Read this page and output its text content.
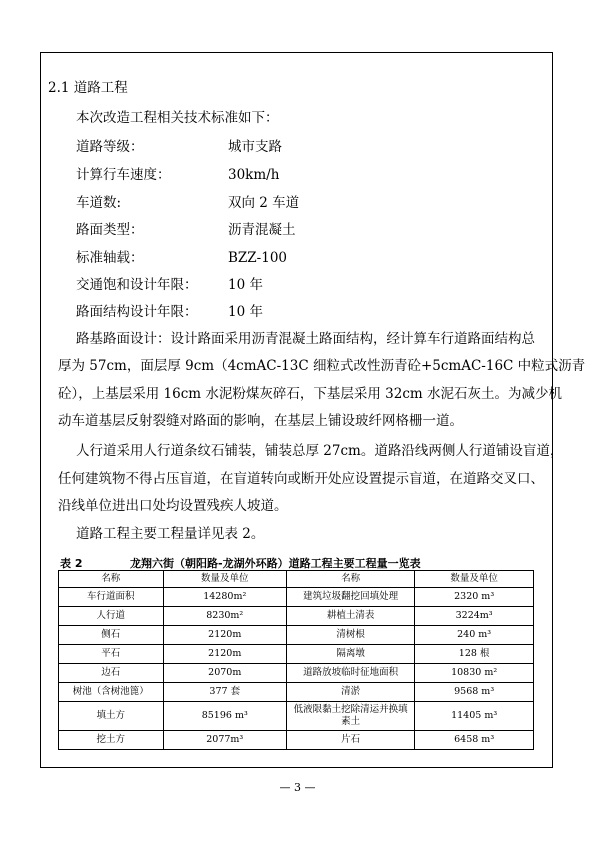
2.1 道路工程
本次改造工程相关技术标准如下：
道路等级：	城市支路
计算行车速度：	30km/h
车道数:	双向 2 车道
路面类型：	沥青混凝土
标准轴载：	BZZ-100
交通饱和设计年限： 10 年
路面结构设计年限： 10 年
路基路面设计：设计路面采用沥青混凝土路面结构，经计算车行道路面结构总
厚为 57cm，面层厚 9cm（4cmAC-13C 细粒式改性沥青砼+5cmAC-16C 中粒式沥青
砼），上基层采用 16cm 水泥粉煤灰碎石，下基层采用 32cm 水泥石灰土。为减少机
动车道基层反射裂缝对路面的影响，在基层上铺设玻纤网格栅一道。
人行道采用人行道条纹石铺装，铺装总厚 27cm。道路沿线两侧人行道铺设盲道，
任何建筑物不得占压盲道，在盲道转向或断开处应设置提示盲道，在道路交叉口、
沿线单位进出口处均设置残疾人坡道。
道路工程主要工程量详见表 2。
表 2	龙翔六街（朝阳路-龙湖外环路）道路工程主要工程量一览表
名称	数量及单位	名称	数量及单位
车行道面积	14280m²	建筑垃圾翻挖回填处理	2320 m³
人行道	8230m²	耕植土清表	3224m³
侧石	2120m	清树根	240 m³
平石	2120m	隔离墩	128 根
边石	2070m	道路放坡临时征地面积	10830 m²
树池（含树池篦）	377 套	清淤	9568 m³
填土方	85196 m³	低液限黏土挖除清运并换填素土	11405 m³
挖土方	2077m³	片石	6458 m³
— 3 —
